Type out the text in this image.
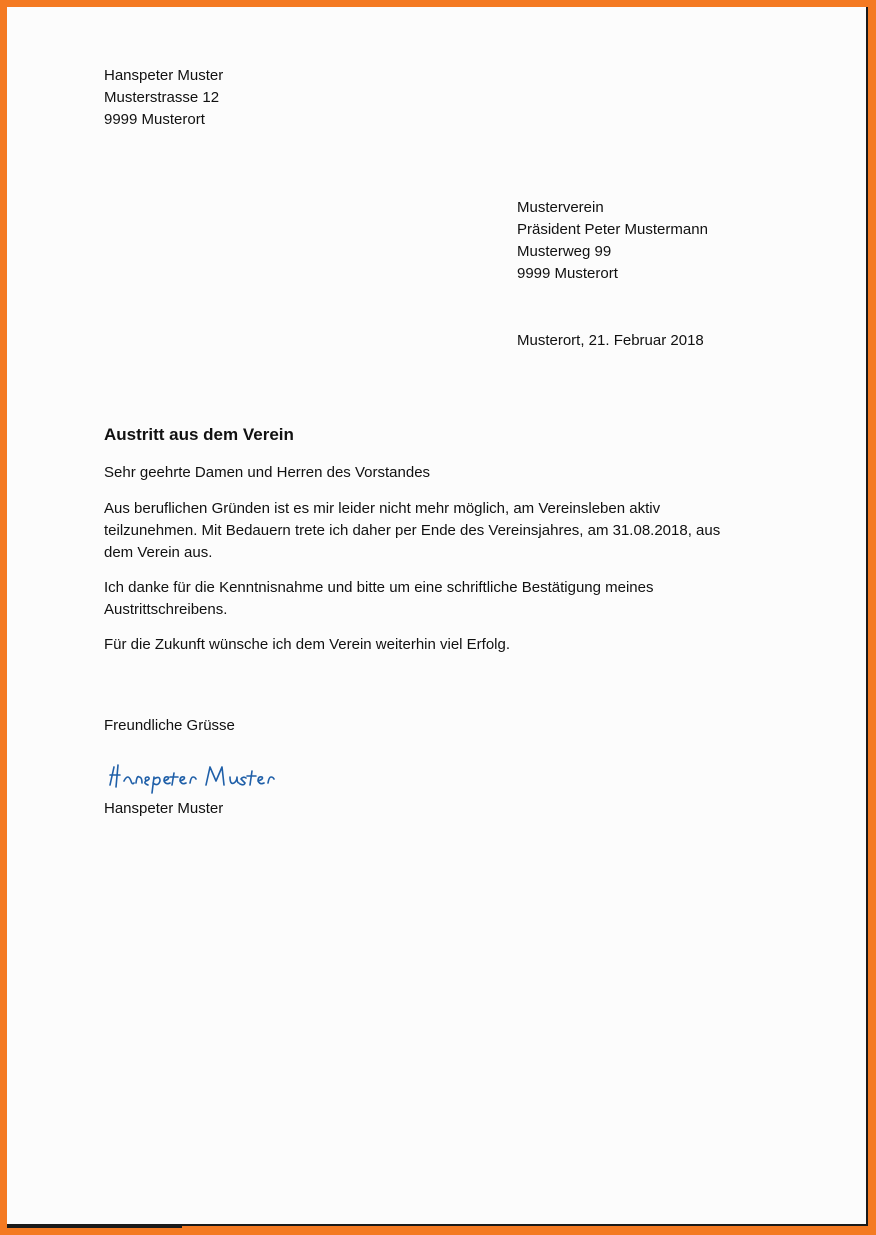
Hanspeter Muster
Musterstrasse 12
9999 Musterort
Musterverein
Präsident Peter Mustermann
Musterweg 99
9999 Musterort
Musterort, 21. Februar 2018
Austritt aus dem Verein
Sehr geehrte Damen und Herren des Vorstandes
Aus beruflichen Gründen ist es mir leider nicht mehr möglich, am Vereinsleben aktiv
teilzunehmen. Mit Bedauern trete ich daher per Ende des Vereinsjahres, am 31.08.2018, aus
dem Verein aus.
Ich danke für die Kenntnisnahme und bitte um eine schriftliche Bestätigung meines
Austrittschreibens.
Für die Zukunft wünsche ich dem Verein weiterhin viel Erfolg.
Freundliche Grüsse
Hanspeter Muster
